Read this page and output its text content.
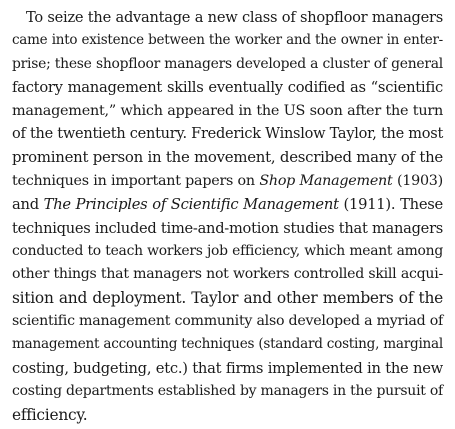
To seize the advantage a new class of shopfloor managers
came into existence between the worker and the owner in enter-
prise; these shopfloor managers developed a cluster of general
factory management skills eventually codified as “scientific
management,” which appeared in the US soon after the turn
of the twentieth century. Frederick Winslow Taylor, the most
prominent person in the movement, described many of the
techniques in important papers on Shop Management (1903)
and The Principles of Scientific Management (1911). These
techniques included time-and-motion studies that managers
conducted to teach workers job efficiency, which meant among
other things that managers not workers controlled skill acqui-
sition and deployment. Taylor and other members of the
scientific management community also developed a myriad of
management accounting techniques (standard costing, marginal
costing, budgeting, etc.) that firms implemented in the new
costing departments established by managers in the pursuit of
efficiency.
